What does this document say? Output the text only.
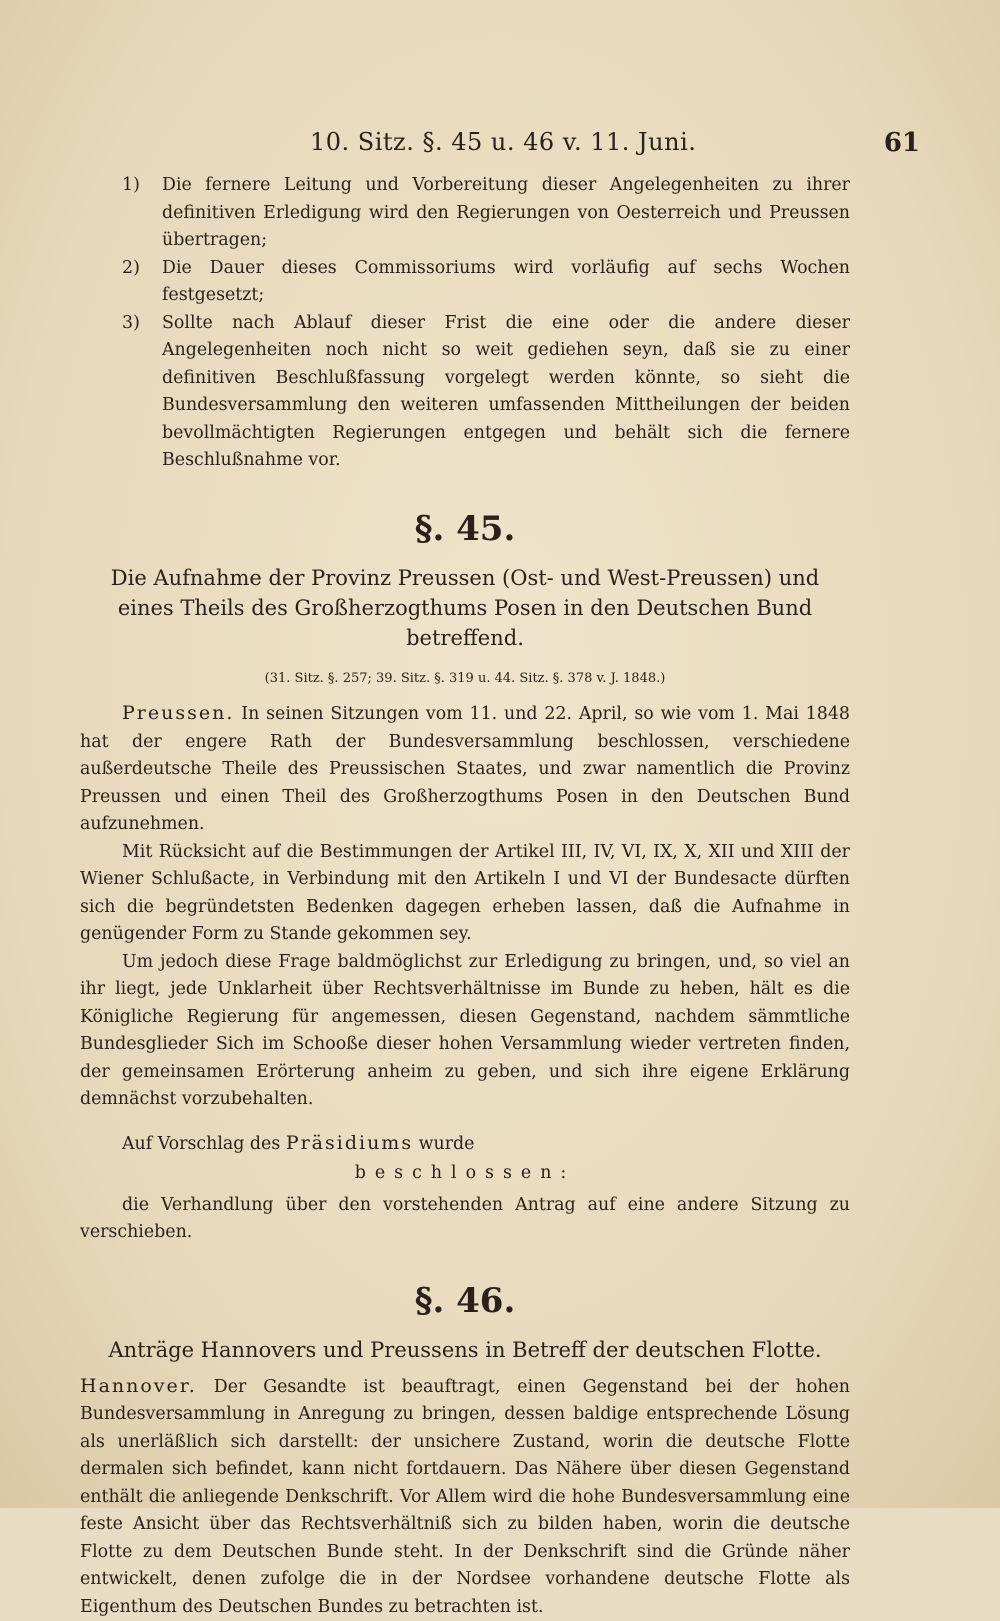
10. Sitz. §. 45 u. 46 v. 11. Juni.	61

1) Die fernere Leitung und Vorbereitung dieser Angelegenheiten zu ihrer definitiven Erledigung wird den Regierungen von Oesterreich und Preussen übertragen;

2) Die Dauer dieses Commissoriums wird vorläufig auf sechs Wochen festgesetzt;

3) Sollte nach Ablauf dieser Frist die eine oder die andere dieser Angelegenheiten noch nicht so weit gediehen seyn, daß sie zu einer definitiven Beschlußfassung vorgelegt werden könnte, so sieht die Bundesversammlung den weiteren umfassenden Mittheilungen der beiden bevollmächtigten Regierungen entgegen und behält sich die fernere Beschlußnahme vor.

§. 45.

Die Aufnahme der Provinz Preussen (Ost- und West-Preussen) und eines Theils des Großherzogthums Posen in den Deutschen Bund betreffend.

(31. Sitz. §. 257; 39. Sitz. §. 319 u. 44. Sitz. §. 378 v. J. 1848.)

Preussen. In seinen Sitzungen vom 11. und 22. April, so wie vom 1. Mai 1848 hat der engere Rath der Bundesversammlung beschlossen, verschiedene außerdeutsche Theile des Preussischen Staates, und zwar namentlich die Provinz Preussen und einen Theil des Großherzogthums Posen in den Deutschen Bund aufzunehmen.

Mit Rücksicht auf die Bestimmungen der Artikel III, IV, VI, IX, X, XII und XIII der Wiener Schlußacte, in Verbindung mit den Artikeln I und VI der Bundesacte dürften sich die begründetsten Bedenken dagegen erheben lassen, daß die Aufnahme in genügender Form zu Stande gekommen sey.

Um jedoch diese Frage baldmöglichst zur Erledigung zu bringen, und, so viel an ihr liegt, jede Unklarheit über Rechtsverhältnisse im Bunde zu heben, hält es die Königliche Regierung für angemessen, diesen Gegenstand, nachdem sämmtliche Bundesglieder Sich im Schooße dieser hohen Versammlung wieder vertreten finden, der gemeinsamen Erörterung anheim zu geben, und sich ihre eigene Erklärung demnächst vorzubehalten.

Auf Vorschlag des Präsidiums wurde

beschlossen:

die Verhandlung über den vorstehenden Antrag auf eine andere Sitzung zu verschieben.

§. 46.

Anträge Hannovers und Preussens in Betreff der deutschen Flotte.

Hannover. Der Gesandte ist beauftragt, einen Gegenstand bei der hohen Bundesversammlung in Anregung zu bringen, dessen baldige entsprechende Lösung als unerläßlich sich darstellt: der unsichere Zustand, worin die deutsche Flotte dermalen sich befindet, kann nicht fortdauern. Das Nähere über diesen Gegenstand enthält die anliegende Denkschrift. Vor Allem wird die hohe Bundesversammlung eine feste Ansicht über das Rechtsverhältniß sich zu bilden haben, worin die deutsche Flotte zu dem Deutschen Bunde steht. In der Denkschrift sind die Gründe näher entwickelt, denen zufolge die in der Nordsee vorhandene deutsche Flotte als Eigenthum des Deutschen Bundes zu betrachten ist.
